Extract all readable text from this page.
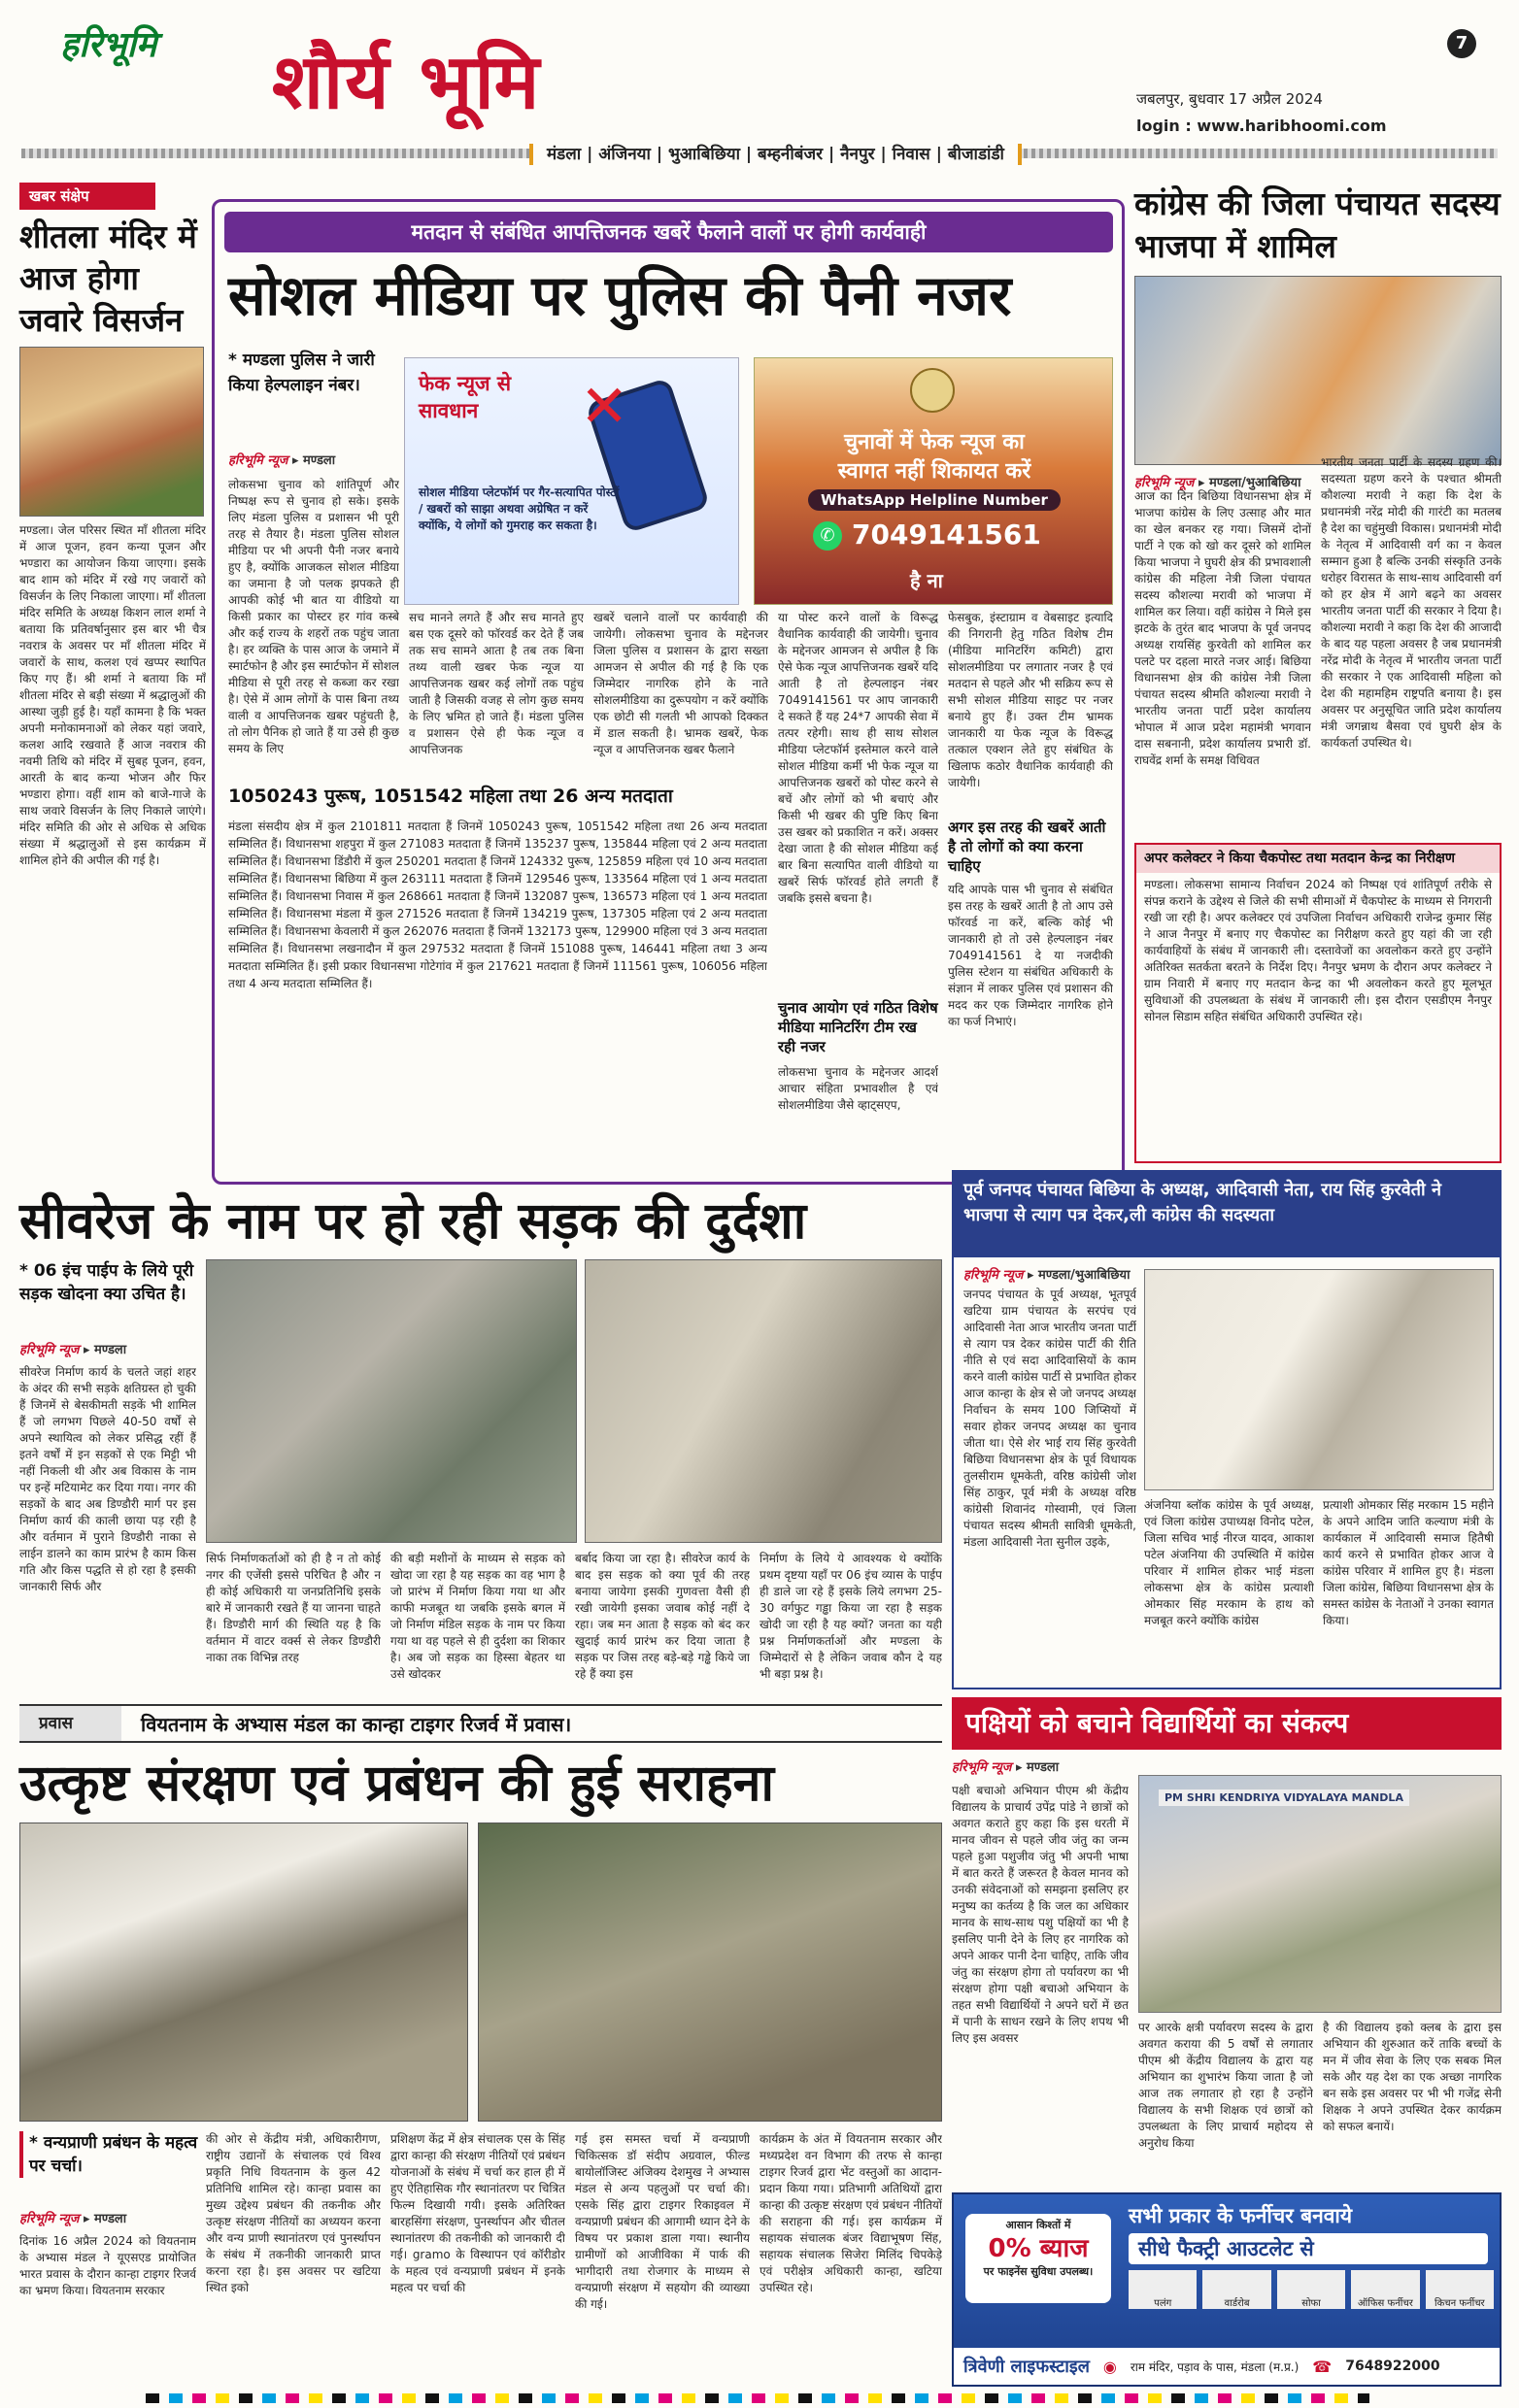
हरिभूमि शौर्य भूमि	7
जबलपुर, बुधवार 17 अप्रैल 2024
login : www.haribhoomi.com
मंडला | अंजिनया | भुआबिछिया | बम्हनीबंजर | नैनपुर | निवास | बीजाडांडी
खबर संक्षेप
शीतला मंदिर में आज होगा जवारे विसर्जन
मण्डला। जेल परिसर स्थित माँ शीतला मंदिर में आज पूजन, हवन कन्या पूजन और भण्डारा का आयोजन किया जाएगा। इसके बाद शाम को मंदिर में रखे गए जवारों को विसर्जन के लिए निकाला जाएगा। माँ शीतला मंदिर समिति के अध्यक्ष किशन लाल शर्मा ने बताया कि प्रतिवर्षानुसार इस बार भी चैत्र नवरात्र के अवसर पर माँ शीतला मंदिर में जवारों के साथ, कलश एवं खप्पर स्थापित किए गए हैं। श्री शर्मा ने बताया कि माँ शीतला मंदिर से बड़ी संख्या में श्रद्धालुओं की आस्था जुड़ी हुई है। यहाँ कामना है कि भक्त अपनी मनोकामनाओं को लेकर यहां जवारे, कलश आदि रखवाते हैं आज नवरात्र की नवमी तिथि को मंदिर में सुबह पूजन, हवन, आरती के बाद कन्या भोजन और फिर भण्डारा होगा। वहीं शाम को बाजे-गाजे के साथ जवारे विसर्जन के लिए निकाले जाएंगे। मंदिर समिति की ओर से अधिक से अधिक संख्या में श्रद्धालुओं से इस कार्यक्रम में शामिल होने की अपील की गई है।
मतदान से संबंधित आपत्तिजनक खबरें फैलाने वालों पर होगी कार्यवाही
सोशल मीडिया पर पुलिस की पैनी नजर
* मण्डला पुलिस ने जारी किया हेल्पलाइन नंबर।
हरिभूमि न्यूज ▸ मण्डला
फेक न्यूज से सावधान	✕
सोशल मीडिया प्लेटफॉर्म पर गैर-सत्यापित पोस्टों / खबरों को साझा अथवा अग्रेषित न करें क्योंकि, ये लोगों को गुमराह कर सकता है।
चुनावों में फेक न्यूज का
स्वागत नहीं शिकायत करें
WhatsApp Helpline Number
✆ 7049141561
है ना
लोकसभा चुनाव को शांतिपूर्ण और निष्पक्ष रूप से चुनाव हो सके। इसके लिए मंडला पुलिस व प्रशासन भी पूरी तरह से तैयार है। मंडला पुलिस सोशल मीडिया पर भी अपनी पैनी नजर बनाये हुए है, क्योंकि आजकल सोशल मीडिया का जमाना है जो पलक झपकते ही आपकी कोई भी बात या वीडियो या किसी प्रकार का पोस्टर हर गांव कस्बे और कई राज्य के शहरों तक पहुंच जाता है। हर व्यक्ति के पास आज के जमाने में स्मार्टफोन है और इस स्मार्टफोन में सोशल मीडिया से पूरी तरह से कब्जा कर रखा है। ऐसे में आम लोगों के पास बिना तथ्य वाली व आपत्तिजनक खबर पहुंचती है, तो लोग पैनिक हो जाते हैं या उसे ही कुछ समय के लिए
सच मानने लगते हैं और सच मानते हुए बस एक दूसरे को फॉरवर्ड कर देते हैं जब तक सच सामने आता है तब तक बिना तथ्य वाली खबर फेक न्यूज या आपत्तिजनक खबर कई लोगों तक पहुंच जाती है जिसकी वजह से लोग कुछ समय के लिए भ्रमित हो जाते हैं। मंडला पुलिस व प्रशासन ऐसे ही फेक न्यूज व आपत्तिजनक
खबरें चलाने वालों पर कार्यवाही की जायेगी। लोकसभा चुनाव के मद्देनजर जिला पुलिस व प्रशासन के द्वारा सख्ता आमजन से अपील की गई है कि एक जिम्मेदार नागरिक होने के नाते सोशलमीडिया का दुरूपयोग न करें क्योंकि एक छोटी सी गलती भी आपको दिक्कत में डाल सकती है। भ्रामक खबरें, फेक न्यूज व आपत्तिजनक खबर फैलाने
या पोस्ट करने वालों के विरूद्ध वैधानिक कार्यवाही की जायेगी। चुनाव के मद्देनजर आमजन से अपील है कि ऐसे फेक न्यूज आपत्तिजनक खबरें यदि आती है तो हेल्पलाइन नंबर 7049141561 पर आप जानकारी दे सकते हैं यह 24*7 आपकी सेवा में तत्पर रहेगी। साथ ही साथ सोशल मीडिया प्लेटफॉर्म इस्तेमाल करने वाले सोशल मीडिया कर्मी भी फेक न्यूज या आपत्तिजनक खबरों को पोस्ट करने से बचें और लोगों को भी बचाएं और किसी भी खबर की पुष्टि किए बिना उस खबर को प्रकाशित न करें। अक्सर देखा जाता है की सोशल मीडिया कई बार बिना सत्यापित वाली वीडियो या खबरें सिर्फ फॉरवर्ड होते लगती हैं जबकि इससे बचना है।
चुनाव आयोग एवं गठित विशेष मीडिया मानिटरिंग टीम रख रही नजर
लोकसभा चुनाव के मद्देनजर आदर्श आचार संहिता प्रभावशील है एवं सोशलमीडिया जैसे व्हाट्सएप,
फेसबुक, इंस्टाग्राम व वेबसाइट इत्यादि की निगरानी हेतु गठित विशेष टीम (मीडिया मानिटरिंग कमिटी) द्वारा सोशलमीडिया पर लगातार नजर है एवं मतदान से पहले और भी सक्रिय रूप से सभी सोशल मीडिया साइट पर नजर बनाये हुए हैं। उक्त टीम भ्रामक जानकारी या फेक न्यूज के विरूद्ध तत्काल एक्शन लेते हुए संबंधित के खिलाफ कठोर वैधानिक कार्यवाही की जायेगी।
अगर इस तरह की खबरें आती है तो लोगों को क्या करना चाहिए
यदि आपके पास भी चुनाव से संबंधित इस तरह के खबरें आती है तो आप उसे फॉरवर्ड ना करें, बल्कि कोई भी जानकारी हो तो उसे हेल्पलाइन नंबर 7049141561 दे या नजदीकी पुलिस स्टेशन या संबंधित अधिकारी के संज्ञान में लाकर पुलिस एवं प्रशासन की मदद कर एक जिम्मेदार नागरिक होने का फर्ज निभाएं।
1050243 पुरूष, 1051542 महिला तथा 26 अन्य मतदाता
मंडला संसदीय क्षेत्र में कुल 2101811 मतदाता हैं जिनमें 1050243 पुरूष, 1051542 महिला तथा 26 अन्य मतदाता सम्मिलित हैं। विधानसभा शहपुरा में कुल 271083 मतदाता हैं जिनमें 135237 पुरूष, 135844 महिला एवं 2 अन्य मतदाता सम्मिलित हैं। विधानसभा डिंडौरी में कुल 250201 मतदाता हैं जिनमें 124332 पुरूष, 125859 महिला एवं 10 अन्य मतदाता सम्मिलित हैं। विधानसभा बिछिया में कुल 263111 मतदाता हैं जिनमें 129546 पुरूष, 133564 महिला एवं 1 अन्य मतदाता सम्मिलित हैं। विधानसभा निवास में कुल 268661 मतदाता हैं जिनमें 132087 पुरूष, 136573 महिला एवं 1 अन्य मतदाता सम्मिलित हैं। विधानसभा मंडला में कुल 271526 मतदाता हैं जिनमें 134219 पुरूष, 137305 महिला एवं 2 अन्य मतदाता सम्मिलित हैं। विधानसभा केवलारी में कुल 262076 मतदाता हैं जिनमें 132173 पुरूष, 129900 महिला एवं 3 अन्य मतदाता सम्मिलित हैं। विधानसभा लखनादौन में कुल 297532 मतदाता हैं जिनमें 151088 पुरूष, 146441 महिला तथा 3 अन्य मतदाता सम्मिलित हैं। इसी प्रकार विधानसभा गोटेगांव में कुल 217621 मतदाता हैं जिनमें 111561 पुरूष, 106056 महिला तथा 4 अन्य मतदाता सम्मिलित हैं।
कांग्रेस की जिला पंचायत सदस्य भाजपा में शामिल
हरिभूमि न्यूज ▸ मण्डला/भुआबिछिया
आज का दिन बिछिया विधानसभा क्षेत्र में भाजपा कांग्रेस के लिए उत्साह और मात का खेल बनकर रह गया। जिसमें दोनों पार्टी ने एक को खो कर दूसरे को शामिल किया भाजपा ने घुघरी क्षेत्र की प्रभावशाली कांग्रेस की महिला नेत्री जिला पंचायत सदस्य कौशल्या मरावी को भाजपा में शामिल कर लिया। वहीं कांग्रेस ने मिले इस झटके के तुरंत बाद भाजपा के पूर्व जनपद अध्यक्ष रायसिंह कुरवेती को शामिल कर पलटे पर दहला मारते नजर आई। बिछिया विधानसभा क्षेत्र की कांग्रेस नेत्री जिला पंचायत सदस्य श्रीमति कौशल्या मरावी ने भारतीय जनता पार्टी प्रदेश कार्यालय भोपाल में आज प्रदेश महामंत्री भगवान दास सबनानी, प्रदेश कार्यालय प्रभारी डॉ. राघवेंद्र शर्मा के समक्ष विधिवत
भारतीय जनता पार्टी के सदस्य ग्रहण की। सदस्यता ग्रहण करने के पश्चात श्रीमती कौशल्या मरावी ने कहा कि देश के प्रधानमंत्री नरेंद्र मोदी की गारंटी का मतलब है देश का चहुंमुखी विकास। प्रधानमंत्री मोदी के नेतृत्व में आदिवासी वर्ग का न केवल सम्मान हुआ है बल्कि उनकी संस्कृति उनके धरोहर विरासत के साथ-साथ आदिवासी वर्ग को हर क्षेत्र में आगे बढ़ने का अवसर भारतीय जनता पार्टी की सरकार ने दिया है। कौशल्या मरावी ने कहा कि देश की आजादी के बाद यह पहला अवसर है जब प्रधानमंत्री नरेंद्र मोदी के नेतृत्व में भारतीय जनता पार्टी की सरकार ने एक आदिवासी महिला को देश की महामहिम राष्ट्रपति बनाया है। इस अवसर पर अनुसूचित जाति प्रदेश कार्यालय मंत्री जगन्नाथ बैसवा एवं घुघरी क्षेत्र के कार्यकर्ता उपस्थित थे।
अपर कलेक्टर ने किया चैकपोस्ट तथा मतदान केन्द्र का निरीक्षण
मण्डला। लोकसभा सामान्य निर्वाचन 2024 को निष्पक्ष एवं शांतिपूर्ण तरीके से संपन्न कराने के उद्देश्य से जिले की सभी सीमाओं में चैकपोस्ट के माध्यम से निगरानी रखी जा रही है। अपर कलेक्टर एवं उपजिला निर्वाचन अधिकारी राजेन्द्र कुमार सिंह ने आज नैनपुर में बनाए गए चैकपोस्ट का निरीक्षण करते हुए यहां की जा रही कार्यवाहियों के संबंध में जानकारी ली। दस्तावेजों का अवलोकन करते हुए उन्होंने अतिरिक्त सतर्कता बरतने के निर्देश दिए। नैनपुर भ्रमण के दौरान अपर कलेक्टर ने ग्राम निवारी में बनाए गए मतदान केन्द्र का भी अवलोकन करते हुए मूलभूत सुविधाओं की उपलब्धता के संबंध में जानकारी ली। इस दौरान एसडीएम नैनपुर सोनल सिडाम सहित संबंधित अधिकारी उपस्थित रहे।
सीवरेज के नाम पर हो रही सड़क की दुर्दशा
* 06 इंच पाईप के लिये पूरी सड़क खोदना क्या उचित है।
हरिभूमि न्यूज ▸ मण्डला
सीवरेज निर्माण कार्य के चलते जहां शहर के अंदर की सभी सड़के क्षतिग्रस्त हो चुकी हैं जिनमें से बेसकीमती सड़कें भी शामिल हैं जो लगभग पिछले 40-50 वर्षों से अपने स्थायित्व को लेकर प्रसिद्ध रहीं हैं इतने वर्षों में इन सड़कों से एक मिट्टी भी नहीं निकली थी और अब विकास के नाम पर इन्हें मटियामेट कर दिया गया। नगर की सड़कों के बाद अब डिण्डौरी मार्ग पर इस निर्माण कार्य की काली छाया पड़ रही है और वर्तमान में पुराने डिण्डौरी नाका से लाईन डालने का काम प्रारंभ है काम किस गति और किस पद्धति से हो रहा है इसकी जानकारी सिर्फ और
सिर्फ निर्माणकर्ताओं को ही है न तो कोई नगर की एजेंसी इससे परिचित है और न ही कोई अधिकारी या जनप्रतिनिधि इसके बारे में जानकारी रखते हैं या जानना चाहते हैं। डिण्डौरी मार्ग की स्थिति यह है कि वर्तमान में वाटर वर्क्स से लेकर डिण्डौरी नाका तक विभिन्न तरह
की बड़ी मशीनों के माध्यम से सड़क को खोदा जा रहा है यह सड़क का वह भाग है जो प्रारंभ में निर्माण किया गया था और काफी मजबूत था जबकि इसके बगल में जो निर्माण मंडिल सड़क के नाम पर किया गया था वह पहले से ही दुर्दशा का शिकार है। अब जो सड़क का हिस्सा बेहतर था उसे खोदकर
बर्बाद किया जा रहा है। सीवरेज कार्य के बाद इस सड़क को क्या पूर्व की तरह बनाया जायेगा इसकी गुणवत्ता वैसी ही रखी जायेगी इसका जवाब कोई नहीं दे रहा। जब मन आता है सड़क को बंद कर खुदाई कार्य प्रारंभ कर दिया जाता है सड़क पर जिस तरह बड़े-बड़े गड्ढे किये जा रहे हैं क्या इस
निर्माण के लिये ये आवश्यक थे क्योंकि प्रथम दृष्टया यहाँ पर 06 इंच व्यास के पाईप ही डाले जा रहे हैं इसके लिये लगभग 25-30 वर्गफुट गड्ढा किया जा रहा है सड़क खोदी जा रही है यह क्यों? जनता का यही प्रश्न निर्माणकर्ताओं और मण्डला के जिम्मेदारों से है लेकिन जवाब कौन दे यह भी बड़ा प्रश्न है।
पूर्व जनपद पंचायत बिछिया के अध्यक्ष, आदिवासी नेता, राय सिंह कुरवेती ने भाजपा से त्याग पत्र देकर,ली कांग्रेस की सदस्यता
हरिभूमि न्यूज ▸ मण्डला/भुआबिछिया
जनपद पंचायत के पूर्व अध्यक्ष, भूतपूर्व खटिया ग्राम पंचायत के सरपंच एवं आदिवासी नेता आज भारतीय जनता पार्टी से त्याग पत्र देकर कांग्रेस पार्टी की रीति नीति से एवं सदा आदिवासियों के काम करने वाली कांग्रेस पार्टी से प्रभावित होकर आज कान्हा के क्षेत्र से जो जनपद अध्यक्ष निर्वाचन के समय 100 जिप्सियों में सवार होकर जनपद अध्यक्ष का चुनाव जीता था। ऐसे शेर भाई राय सिंह कुरवेती बिछिया विधानसभा क्षेत्र के पूर्व विधायक तुलसीराम धूमकेती, वरिष्ठ कांग्रेसी जोश सिंह ठाकुर, पूर्व मंत्री के अध्यक्ष वरिष्ठ कांग्रेसी शिवानंद गोस्वामी, एवं जिला पंचायत सदस्य श्रीमती सावित्री धूमकेती, मंडला आदिवासी नेता सुनील उइके,
अंजनिया ब्लॉक कांग्रेस के पूर्व अध्यक्ष, एवं जिला कांग्रेस उपाध्यक्ष विनोद पटेल, जिला सचिव भाई नीरज यादव, आकाश पटेल अंजनिया की उपस्थिति में कांग्रेस परिवार में शामिल होकर भाई मंडला लोकसभा क्षेत्र के कांग्रेस प्रत्याशी ओमकार सिंह मरकाम के हाथ को मजबूत करने क्योंकि कांग्रेस
प्रत्याशी ओमकार सिंह मरकाम 15 महीने के अपने आदिम जाति कल्याण मंत्री के कार्यकाल में आदिवासी समाज हितैषी कार्य करने से प्रभावित होकर आज वे कांग्रेस परिवार में शामिल हुए है। मंडला जिला कांग्रेस, बिछिया विधानसभा क्षेत्र के समस्त कांग्रेस के नेताओं ने उनका स्वागत किया।
प्रवास	वियतनाम के अभ्यास मंडल का कान्हा टाइगर रिजर्व में प्रवास।
उत्कृष्ट संरक्षण एवं प्रबंधन की हुई सराहना
* वन्यप्राणी प्रबंधन के महत्व पर चर्चा।
हरिभूमि न्यूज ▸ मण्डला
दिनांक 16 अप्रैल 2024 को वियतनाम के अभ्यास मंडल ने यूएसएड प्रायोजित भारत प्रवास के दौरान कान्हा टाइगर रिजर्व का भ्रमण किया। वियतनाम सरकार
की ओर से केंद्रीय मंत्री, अधिकारीगण, राष्ट्रीय उद्यानों के संचालक एवं विश्व प्रकृति निधि वियतनाम के कुल 42 प्रतिनिधि शामिल रहे। कान्हा प्रवास का मुख्य उद्देश्य प्रबंधन की तकनीक और उत्कृष्ट संरक्षण नीतियों का अध्ययन करना और वन्य प्राणी स्थानांतरण एवं पुनर्स्थापन के संबंध में तकनीकी जानकारी प्राप्त करना रहा है। इस अवसर पर खटिया स्थित इको
प्रशिक्षण केंद्र में क्षेत्र संचालक एस के सिंह द्वारा कान्हा की संरक्षण नीतियों एवं प्रबंधन योजनाओं के संबंध में चर्चा कर हाल ही में हुए ऐतिहासिक गौर स्थानांतरण पर चित्रित फिल्म दिखायी गयी। इसके अतिरिक्त बारहसिंगा संरक्षण, पुनर्स्थापन और चीतल स्थानांतरण की तकनीकी को जानकारी दी गई। gramo के विस्थापन एवं कॉरीडोर के महत्व एवं वन्यप्राणी प्रबंधन में इनके महत्व पर चर्चा की
गई इस समस्त चर्चा में वन्यप्राणी चिकित्सक डॉ संदीप अग्रवाल, फील्ड बायोलॉजिस्ट अंजिक्य देशमुख ने अभ्यास मंडल से अन्य पहलुओं पर चर्चा की। एसके सिंह द्वारा टाइगर रिकाइवल में वन्यप्राणी प्रबंधन की आगामी ध्यान देने के विषय पर प्रकाश डाला गया। स्थानीय ग्रामीणों को आजीविका में पार्क की भागीदारी तथा रोजगार के माध्यम से वन्यप्राणी संरक्षण में सहयोग की व्याख्या की गई।
कार्यक्रम के अंत में वियतनाम सरकार और मध्यप्रदेश वन विभाग की तरफ से कान्हा टाइगर रिजर्व द्वारा भेंट वस्तुओं का आदान-प्रदान किया गया। प्रतिभागी अतिथियों द्वारा कान्हा की उत्कृष्ट संरक्षण एवं प्रबंधन नीतियों की सराहना की गई। इस कार्यक्रम में सहायक संचालक बंजर विद्याभूषण सिंह, सहायक संचालक सिजेरा मिलिंद चिपकेड़े एवं परीक्षेत्र अधिकारी कान्हा, खटिया उपस्थित रहे।
पक्षियों को बचाने विद्यार्थियों का संकल्प
हरिभूमि न्यूज ▸ मण्डला
पक्षी बचाओ अभियान पीएम श्री केंद्रीय विद्यालय के प्राचार्य उपेंद्र पांडे ने छात्रों को अवगत कराते हुए कहा कि इस धरती में मानव जीवन से पहले जीव जंतु का जन्म पहले हुआ पशुजीव जंतु भी अपनी भाषा में बात करते हैं जरूरत है केवल मानव को उनकी संवेदनाओं को समझना इसलिए हर मनुष्य का कर्तव्य है कि जल का अधिकार मानव के साथ-साथ पशु पक्षियों का भी है इसलिए पानी देने के लिए हर नागरिक को अपने आकर पानी देना चाहिए, ताकि जीव जंतु का संरक्षण होगा तो पर्यावरण का भी संरक्षण होगा पक्षी बचाओ अभियान के तहत सभी विद्यार्थियों ने अपने घरों में छत में पानी के साधन रखने के लिए शपथ भी लिए इस अवसर
PM SHRI KENDRIYA VIDYALAYA MANDLA
पर आरके क्षत्री पर्यावरण सदस्य के द्वारा अवगत कराया की 5 वर्षों से लगातार पीएम श्री केंद्रीय विद्यालय के द्वारा यह अभियान का शुभारंभ किया जाता है जो आज तक लगातार हो रहा है उन्होंने विद्यालय के सभी शिक्षक एवं छात्रों को उपलब्धता के लिए प्राचार्य महोदय से अनुरोध किया
है की विद्यालय इको क्लब के द्वारा इस अभियान की शुरुआत करें ताकि बच्चों के मन में जीव सेवा के लिए एक सबक मिल सके और यह देश का एक अच्छा नागरिक बन सके इस अवसर पर भी भी गजेंद्र सेनी शिक्षक ने अपने उपस्थित देकर कार्यक्रम को सफल बनायें।
सभी प्रकार के फर्नीचर बनवाये
सीधे फैक्ट्री आउटलेट से
आसान किश्तों में
0% ब्याज
पर फाइनेंस सुविधा उपलब्ध।
पलंग	वार्डरोब	सोफा	ऑफिस फर्नीचर	किचन फर्नीचर
त्रिवेणी लाइफस्टाइल ◉ राम मंदिर, पड़ाव के पास, मंडला (म.प्र.) ☎ 7648922000
